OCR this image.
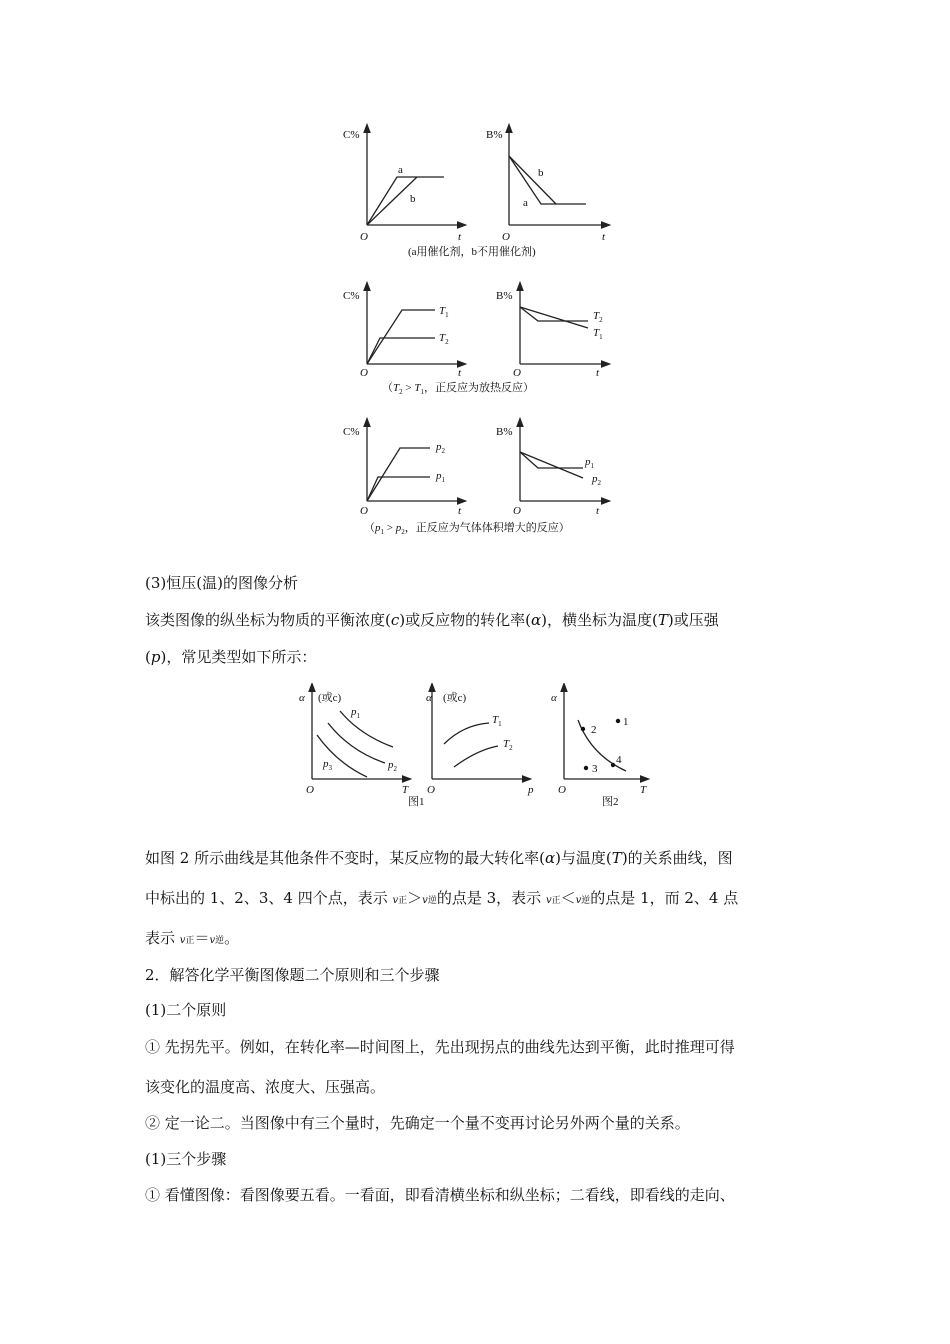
C%
O	t
a
b
B%
O	t
a
b
(a用催化剂，b不用催化剂)
C%
O	t
$T_1$
$T_2$
B%
O	t
$T_2$
$T_1$
（$T_2 > T_1$，正反应为放热反应）
C%
O	t
$p_2$
$p_1$
B%
O	t
$p_1$
$p_2$
（$p_1 > p_2$，正反应为气体体积增大的反应）

(3)恒压(温)的图像分析

该类图像的纵坐标为物质的平衡浓度(c)或反应物的转化率(α)，横坐标为温度(T)或压强

(p)，常见类型如下所示：

α (或c)
O	T
$p_1$
$p_2$
$p_3$
图1
α (或c)
O	p
$T_1$
$T_2$
α
O	T
2
1
3
4
图2

如图 2 所示曲线是其他条件不变时，某反应物的最大转化率(α)与温度(T)的关系曲线，图

中标出的 1、2、3、4 四个点，表示 v正＞v逆的点是 3，表示 v正＜v逆的点是 1，而 2、4 点

表示 v正＝v逆。

2．解答化学平衡图像题二个原则和三个步骤

(1)二个原则

① 先拐先平。例如，在转化率—时间图上，先出现拐点的曲线先达到平衡，此时推理可得

该变化的温度高、浓度大、压强高。

② 定一论二。当图像中有三个量时，先确定一个量不变再讨论另外两个量的关系。

(1)三个步骤

① 看懂图像：看图像要五看。一看面，即看清横坐标和纵坐标；二看线，即看线的走向、
